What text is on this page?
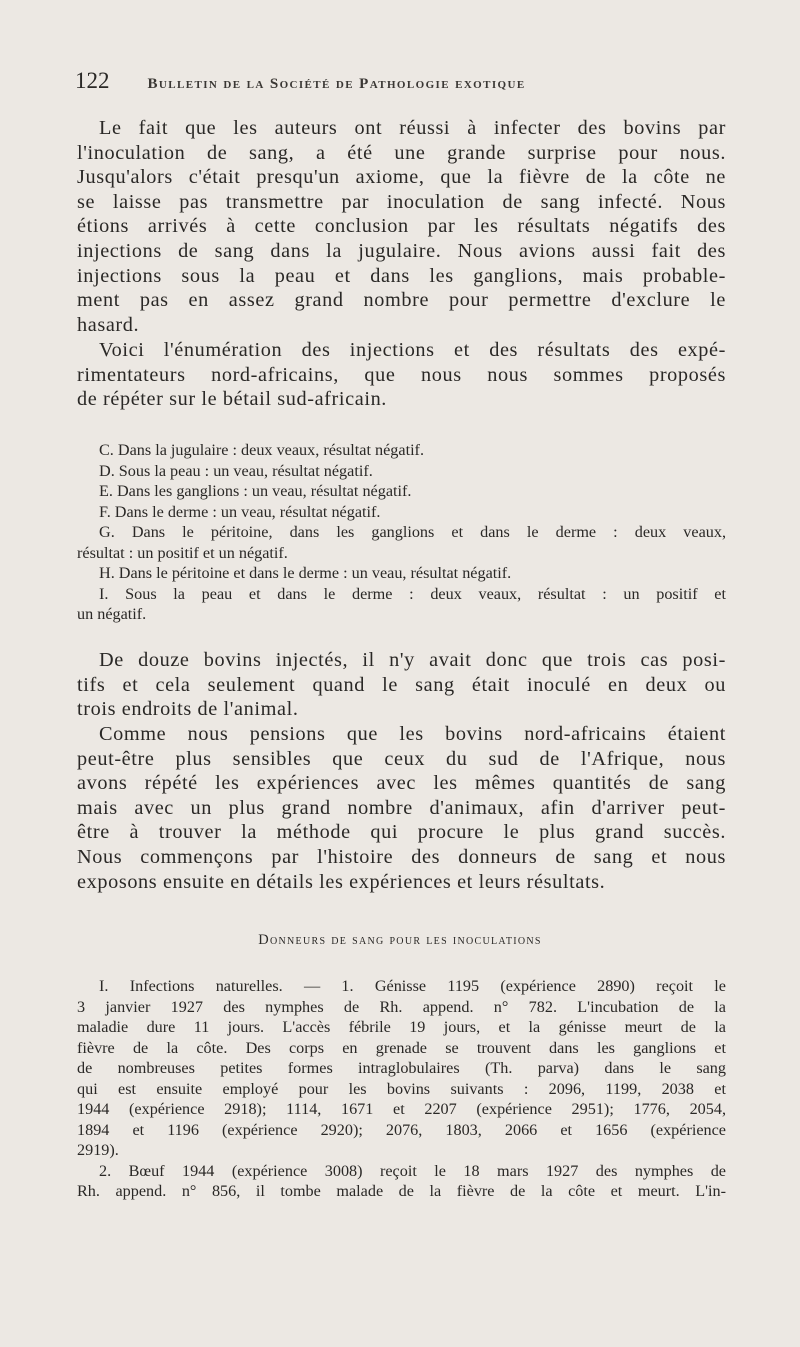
122	Bulletin de la Société de Pathologie exotique
Le fait que les auteurs ont réussi à infecter des bovins par
l'inoculation de sang, a été une grande surprise pour nous.
Jusqu'alors c'était presqu'un axiome, que la fièvre de la côte ne
se laisse pas transmettre par inoculation de sang infecté. Nous
étions arrivés à cette conclusion par les résultats négatifs des
injections de sang dans la jugulaire. Nous avions aussi fait des
injections sous la peau et dans les ganglions, mais probable-
ment pas en assez grand nombre pour permettre d'exclure le
hasard.
Voici l'énumération des injections et des résultats des expé-
rimentateurs nord-africains, que nous nous sommes proposés
de répéter sur le bétail sud-africain.
C. Dans la jugulaire : deux veaux, résultat négatif.
D. Sous la peau : un veau, résultat négatif.
E. Dans les ganglions : un veau, résultat négatif.
F. Dans le derme : un veau, résultat négatif.
G. Dans le péritoine, dans les ganglions et dans le derme : deux veaux,
résultat : un positif et un négatif.
H. Dans le péritoine et dans le derme : un veau, résultat négatif.
I. Sous la peau et dans le derme : deux veaux, résultat : un positif et
un négatif.
De douze bovins injectés, il n'y avait donc que trois cas posi-
tifs et cela seulement quand le sang était inoculé en deux ou
trois endroits de l'animal.
Comme nous pensions que les bovins nord-africains étaient
peut-être plus sensibles que ceux du sud de l'Afrique, nous
avons répété les expériences avec les mêmes quantités de sang
mais avec un plus grand nombre d'animaux, afin d'arriver peut-
être à trouver la méthode qui procure le plus grand succès.
Nous commençons par l'histoire des donneurs de sang et nous
exposons ensuite en détails les expériences et leurs résultats.
Donneurs de sang pour les inoculations
I. Infections naturelles. — 1. Génisse 1195 (expérience 2890) reçoit le
3 janvier 1927 des nymphes de Rh. append. n° 782. L'incubation de la
maladie dure 11 jours. L'accès fébrile 19 jours, et la génisse meurt de la
fièvre de la côte. Des corps en grenade se trouvent dans les ganglions et
de nombreuses petites formes intraglobulaires (Th. parva) dans le sang
qui est ensuite employé pour les bovins suivants : 2096, 1199, 2038 et
1944 (expérience 2918); 1114, 1671 et 2207 (expérience 2951); 1776, 2054,
1894 et 1196 (expérience 2920); 2076, 1803, 2066 et 1656 (expérience
2919).
2. Bœuf 1944 (expérience 3008) reçoit le 18 mars 1927 des nymphes de
Rh. append. n° 856, il tombe malade de la fièvre de la côte et meurt. L'in-
